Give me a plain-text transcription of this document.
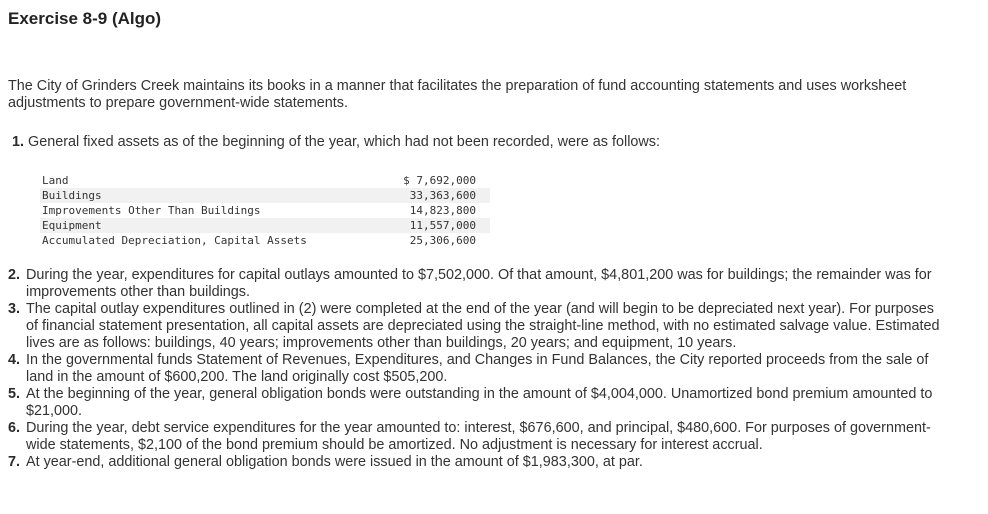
Exercise 8-9 (Algo)
The City of Grinders Creek maintains its books in a manner that facilitates the preparation of fund accounting statements and uses worksheet adjustments to prepare government-wide statements.
1. General fixed assets as of the beginning of the year, which had not been recorded, were as follows:
Land	$ 7,692,000
Buildings	33,363,600
Improvements Other Than Buildings	14,823,800
Equipment	11,557,000
Accumulated Depreciation, Capital Assets	25,306,600
2. During the year, expenditures for capital outlays amounted to $7,502,000. Of that amount, $4,801,200 was for buildings; the remainder was for improvements other than buildings.
3. The capital outlay expenditures outlined in (2) were completed at the end of the year (and will begin to be depreciated next year). For purposes of financial statement presentation, all capital assets are depreciated using the straight-line method, with no estimated salvage value. Estimated lives are as follows: buildings, 40 years; improvements other than buildings, 20 years; and equipment, 10 years.
4. In the governmental funds Statement of Revenues, Expenditures, and Changes in Fund Balances, the City reported proceeds from the sale of land in the amount of $600,200. The land originally cost $505,200.
5. At the beginning of the year, general obligation bonds were outstanding in the amount of $4,004,000. Unamortized bond premium amounted to $21,000.
6. During the year, debt service expenditures for the year amounted to: interest, $676,600, and principal, $480,600. For purposes of government-wide statements, $2,100 of the bond premium should be amortized. No adjustment is necessary for interest accrual.
7. At year-end, additional general obligation bonds were issued in the amount of $1,983,300, at par.
